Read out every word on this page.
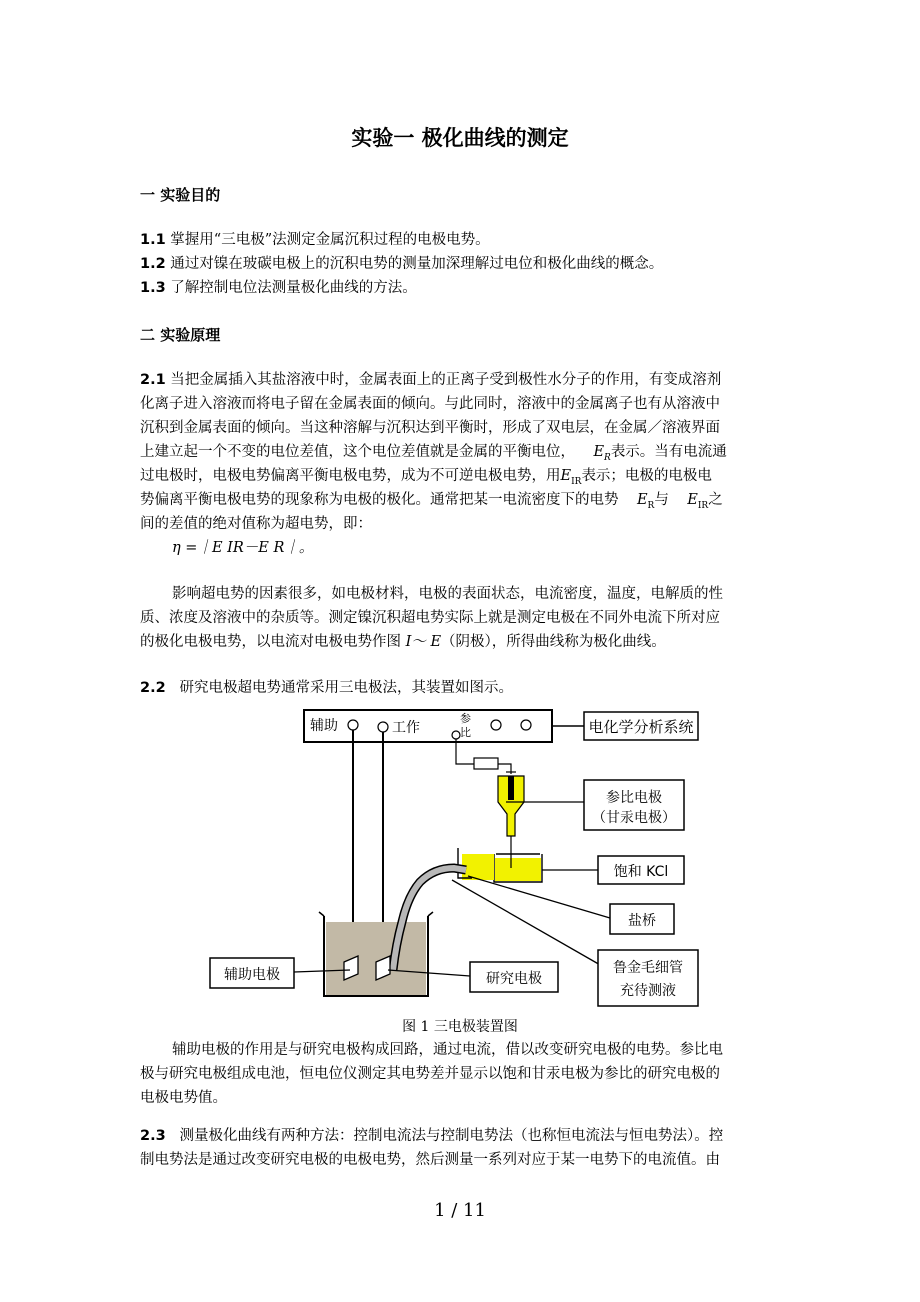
实验一 极化曲线的测定
一 实验目的
1.1 掌握用“三电极”法测定金属沉积过程的电极电势。
1.2 通过对镍在玻碳电极上的沉积电势的测量加深理解过电位和极化曲线的概念。
1.3 了解控制电位法测量极化曲线的方法。
二 实验原理
2.1 当把金属插入其盐溶液中时，金属表面上的正离子受到极性水分子的作用，有变成溶剂
化离子进入溶液而将电子留在金属表面的倾向。与此同时，溶液中的金属离子也有从溶液中
沉积到金属表面的倾向。当这种溶解与沉积达到平衡时，形成了双电层，在金属／溶液界面
上建立起一个不变的电位差值，这个电位差值就是金属的平衡电位， $E_R$表示。当有电流通
过电极时，电极电势偏离平衡电极电势，成为不可逆电极电势，用$E_{IR}$表示；电极的电极电
势偏离平衡电极电势的现象称为电极的极化。通常把某一电流密度下的电势 $E_R$与 $E_{IR}$之
间的差值的绝对值称为超电势，即：
η =｜E IR－E R｜。
影响超电势的因素很多，如电极材料，电极的表面状态，电流密度，温度，电解质的性
质、浓度及溶液中的杂质等。测定镍沉积超电势实际上就是测定电极在不同外电流下所对应
的极化电极电势，以电流对电极电势作图 I～ E（阴极），所得曲线称为极化曲线。
2.2 研究电极超电势通常采用三电极法，其装置如图示。
电化学分析系统
辅助	工作
参
比
参比电极
（甘汞电极）
饱和 KCl
盐桥
鲁金毛细管
充待测液
辅助电极	研究电极
图 1 三电极装置图
辅助电极的作用是与研究电极构成回路，通过电流，借以改变研究电极的电势。参比电
极与研究电极组成电池，恒电位仪测定其电势差并显示以饱和甘汞电极为参比的研究电极的
电极电势值。
2.3 测量极化曲线有两种方法：控制电流法与控制电势法（也称恒电流法与恒电势法）。控
制电势法是通过改变研究电极的电极电势，然后测量一系列对应于某一电势下的电流值。由
1 / 11
